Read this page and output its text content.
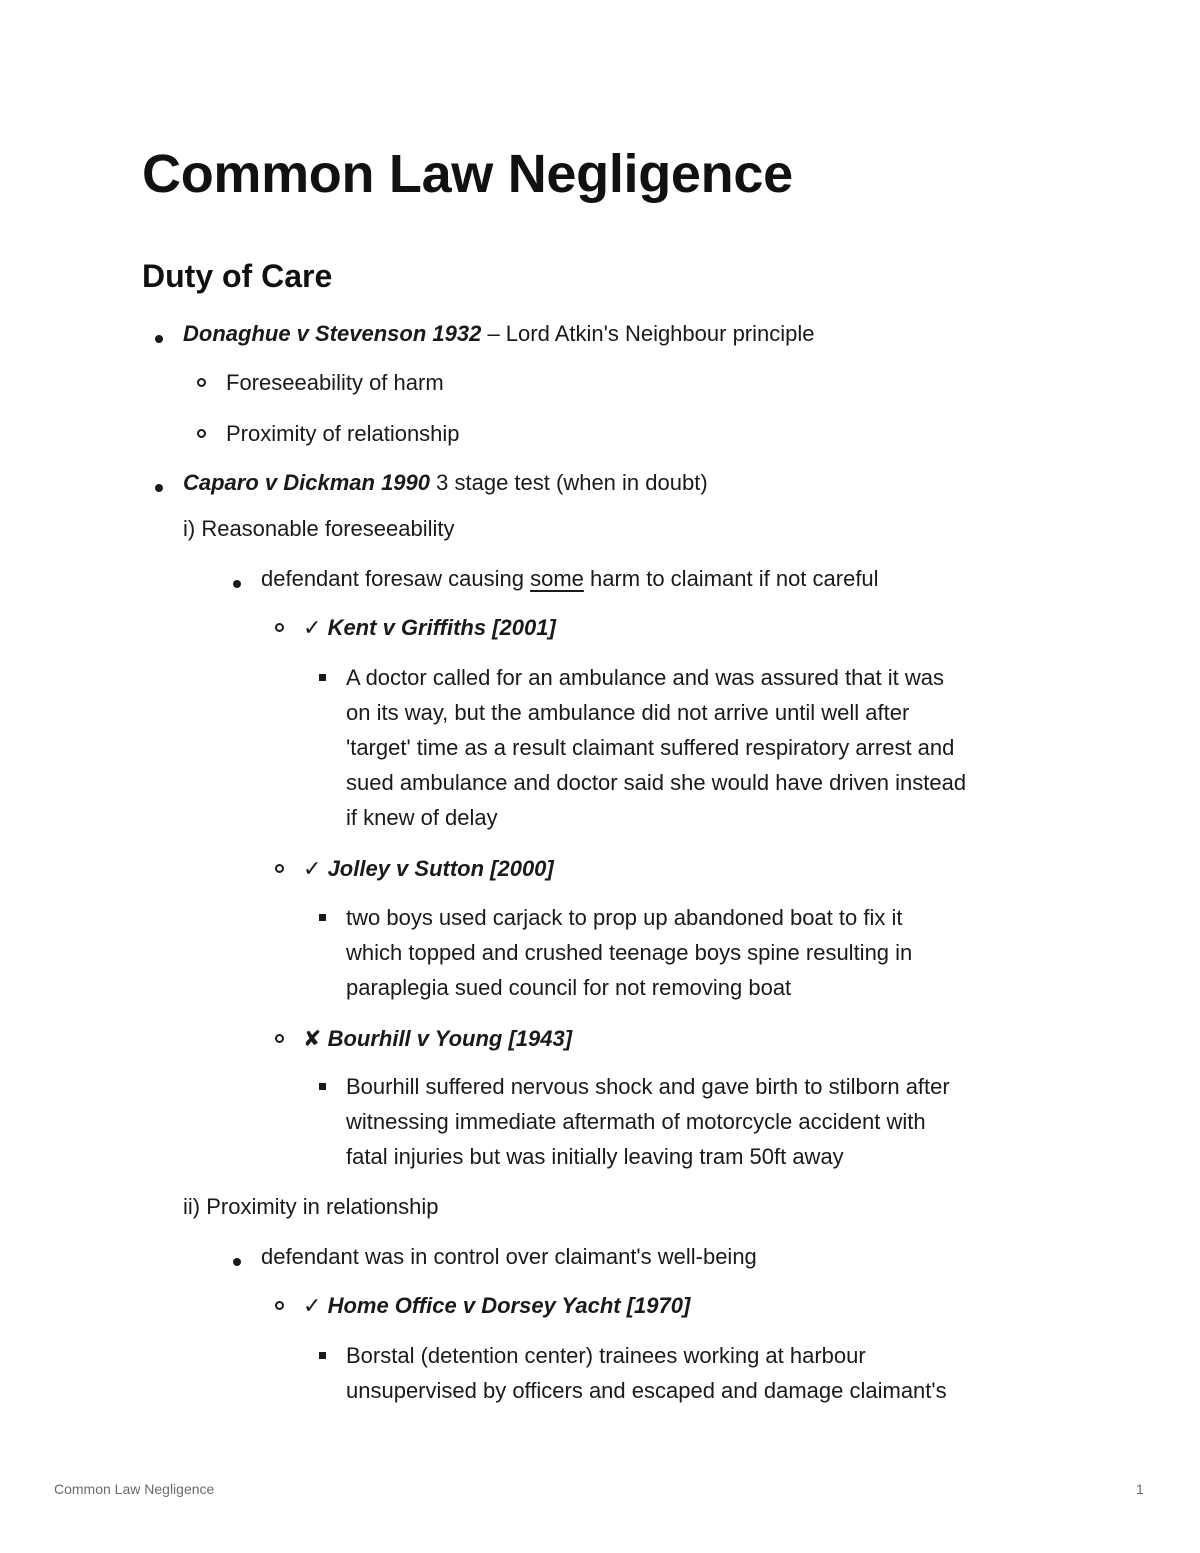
Common Law Negligence
Duty of Care
Donaghue v Stevenson 1932 – Lord Atkin's Neighbour principle
Foreseeability of harm
Proximity of relationship
Caparo v Dickman 1990 3 stage test (when in doubt)
i) Reasonable foreseeability
defendant foresaw causing some harm to claimant if not careful
✓ Kent v Griffiths [2001]
A doctor called for an ambulance and was assured that it was
on its way, but the ambulance did not arrive until well after
'target' time as a result claimant suffered respiratory arrest and
sued ambulance and doctor said she would have driven instead
if knew of delay
✓ Jolley v Sutton [2000]
two boys used carjack to prop up abandoned boat to fix it
which topped and crushed teenage boys spine resulting in
paraplegia sued council for not removing boat
✘ Bourhill v Young [1943]
Bourhill suffered nervous shock and gave birth to stilborn after
witnessing immediate aftermath of motorcycle accident with
fatal injuries but was initially leaving tram 50ft away
ii) Proximity in relationship
defendant was in control over claimant's well-being
✓ Home Office v Dorsey Yacht [1970]
Borstal (detention center) trainees working at harbour
unsupervised by officers and escaped and damage claimant's
Common Law Negligence	1
